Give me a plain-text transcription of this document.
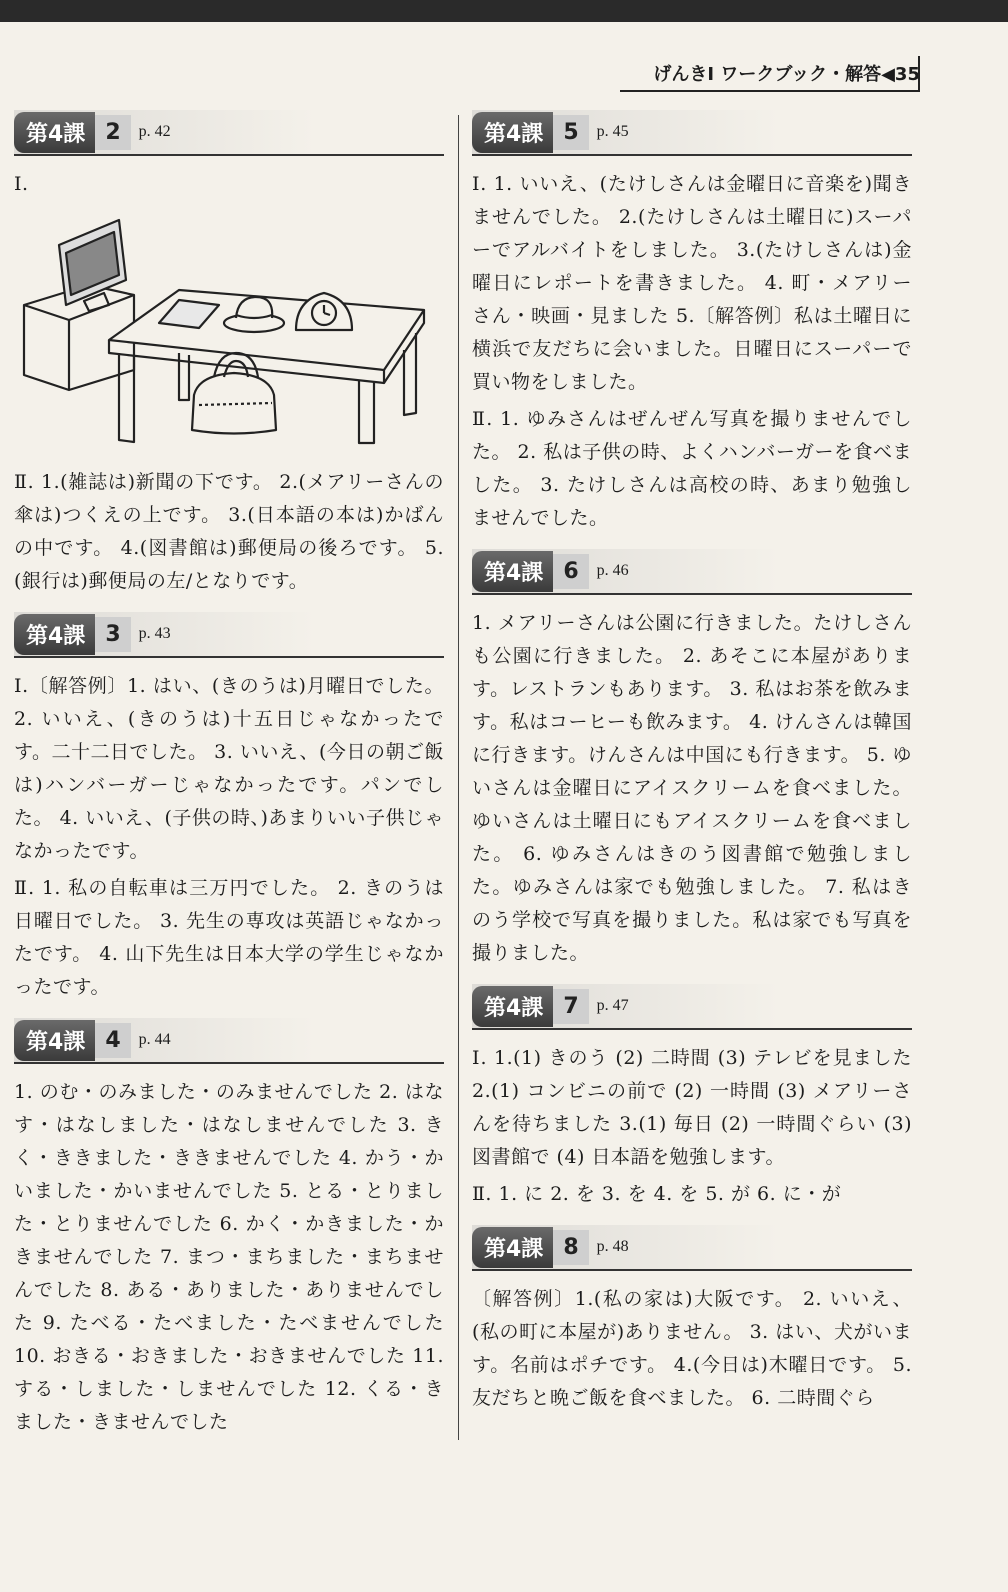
げんきⅠ ワークブック・解答◀35
第4課 2	p. 42

Ⅰ.

Ⅱ. 1.(雑誌は)新聞の下です。 2.(メアリーさんの傘は)つくえの上です。 3.(日本語の本は)かばんの中です。 4.(図書館は)郵便局の後ろです。 5.(銀行は)郵便局の左/となりです。

第4課 3	p. 43

Ⅰ.〔解答例〕1. はい、(きのうは)月曜日でした。 2. いいえ、(きのうは)十五日じゃなかったです。二十二日でした。 3. いいえ、(今日の朝ご飯は)ハンバーガーじゃなかったです。パンでした。 4. いいえ、(子供の時、)あまりいい子供じゃなかったです。

Ⅱ. 1. 私の自転車は三万円でした。 2. きのうは日曜日でした。 3. 先生の専攻は英語じゃなかったです。 4. 山下先生は日本大学の学生じゃなかったです。

第4課 4	p. 44

1. のむ・のみました・のみませんでした 2. はなす・はなしました・はなしませんでした 3. きく・ききました・ききませんでした 4. かう・かいました・かいませんでした 5. とる・とりました・とりませんでした 6. かく・かきました・かきませんでした 7. まつ・まちました・まちませんでした 8. ある・ありました・ありませんでした 9. たべる・たべました・たべませんでした 10. おきる・おきました・おきませんでした 11. する・しました・しませんでした 12. くる・きました・きませんでした

第4課 5	p. 45

Ⅰ. 1. いいえ、(たけしさんは金曜日に音楽を)聞きませんでした。 2.(たけしさんは土曜日に)スーパーでアルバイトをしました。 3.(たけしさんは)金曜日にレポートを書きました。 4. 町・メアリーさん・映画・見ました 5.〔解答例〕私は土曜日に横浜で友だちに会いました。日曜日にスーパーで買い物をしました。

Ⅱ. 1. ゆみさんはぜんぜん写真を撮りませんでした。 2. 私は子供の時、よくハンバーガーを食べました。 3. たけしさんは高校の時、あまり勉強しませんでした。

第4課 6	p. 46

1. メアリーさんは公園に行きました。たけしさんも公園に行きました。 2. あそこに本屋があります。レストランもあります。 3. 私はお茶を飲みます。私はコーヒーも飲みます。 4. けんさんは韓国に行きます。けんさんは中国にも行きます。 5. ゆいさんは金曜日にアイスクリームを食べました。ゆいさんは土曜日にもアイスクリームを食べました。 6. ゆみさんはきのう図書館で勉強しました。ゆみさんは家でも勉強しました。 7. 私はきのう学校で写真を撮りました。私は家でも写真を撮りました。

第4課 7	p. 47

Ⅰ. 1.(1) きのう (2) 二時間 (3) テレビを見ました 2.(1) コンビニの前で (2) 一時間 (3) メアリーさんを待ちました 3.(1) 毎日 (2) 一時間ぐらい (3) 図書館で (4) 日本語を勉強します。

Ⅱ. 1. に 2. を 3. を 4. を 5. が 6. に・が

第4課 8	p. 48

〔解答例〕1.(私の家は)大阪です。 2. いいえ、(私の町に本屋が)ありません。 3. はい、犬がいます。名前はポチです。 4.(今日は)木曜日です。 5. 友だちと晩ご飯を食べました。 6. 二時間ぐら
